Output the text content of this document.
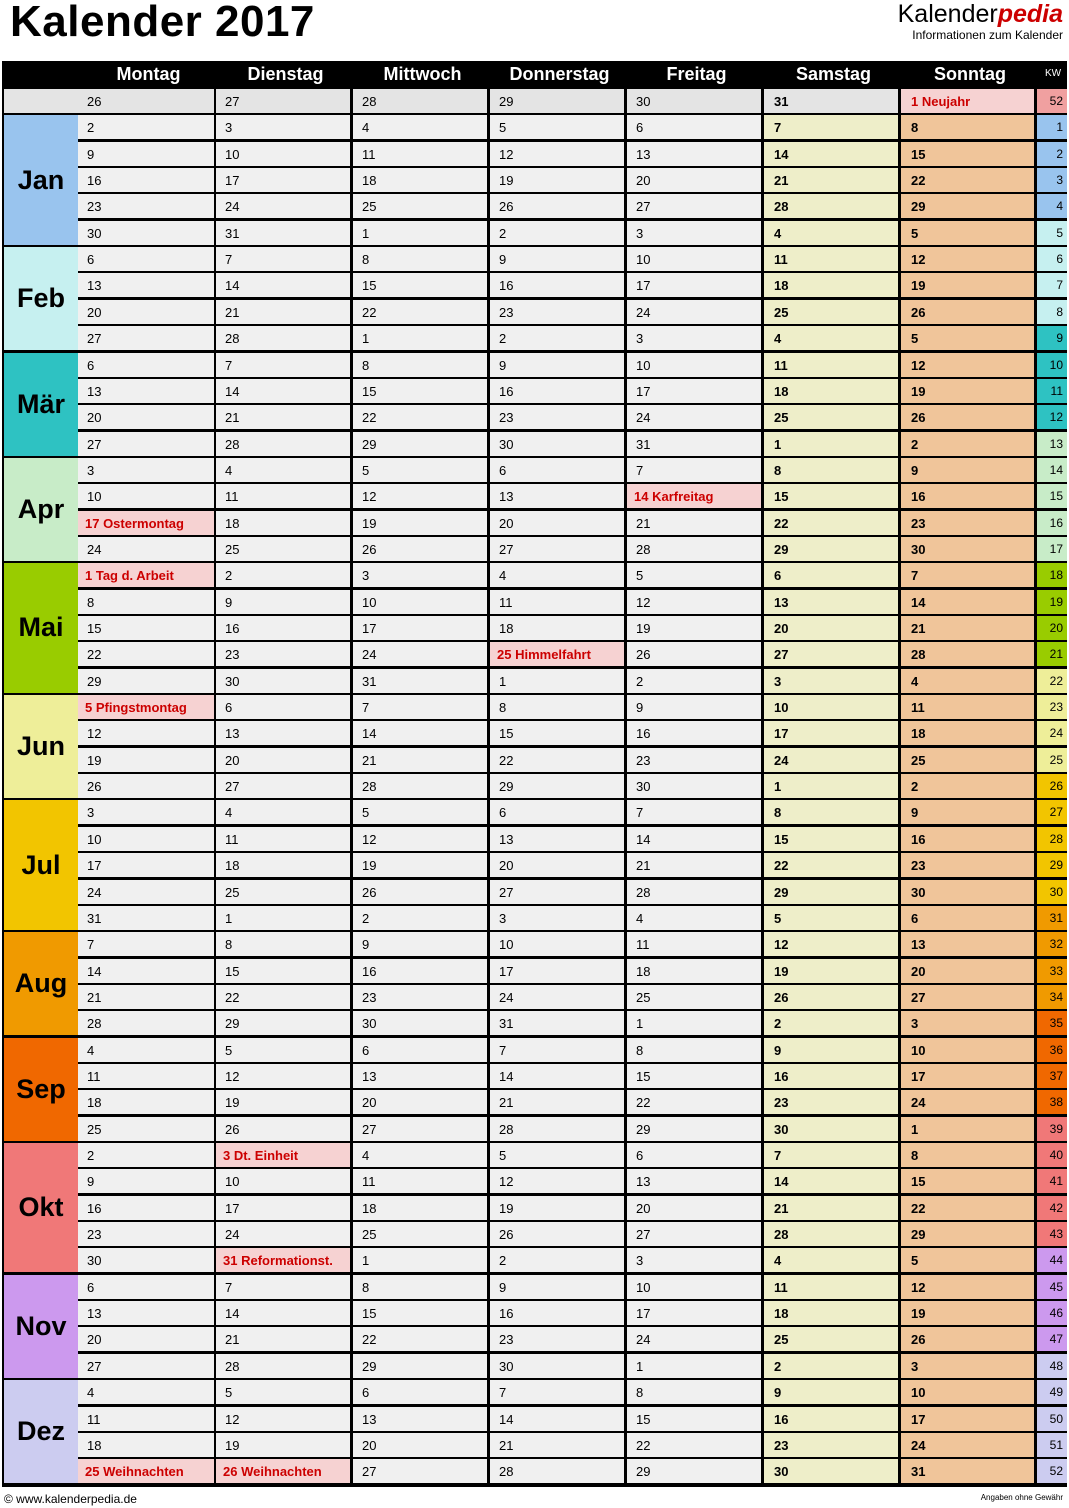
Kalender 2017	Kalenderpedia
Informationen zum Kalender
Montag	Dienstag	Mittwoch	Donnerstag	Freitag	Samstag	Sonntag	KW
26	27	28	29	30	31	1 Neujahr	52
2	3	4	5	6	7	8	1
9	10	11	12	13	14	15	2
16	17	18	19	20	21	22	3
23	24	25	26	27	28	29	4
30	31	1	2	3	4	5	5
6	7	8	9	10	11	12	6
13	14	15	16	17	18	19	7
20	21	22	23	24	25	26	8
27	28	1	2	3	4	5	9
6	7	8	9	10	11	12	10
13	14	15	16	17	18	19	11
20	21	22	23	24	25	26	12
27	28	29	30	31	1	2	13
3	4	5	6	7	8	9	14
10	11	12	13	14 Karfreitag	15	16	15
17 Ostermontag	18	19	20	21	22	23	16
24	25	26	27	28	29	30	17
1 Tag d. Arbeit	2	3	4	5	6	7	18
8	9	10	11	12	13	14	19
15	16	17	18	19	20	21	20
22	23	24	25 Himmelfahrt	26	27	28	21
29	30	31	1	2	3	4	22
5 Pfingstmontag	6	7	8	9	10	11	23
12	13	14	15	16	17	18	24
19	20	21	22	23	24	25	25
26	27	28	29	30	1	2	26
3	4	5	6	7	8	9	27
10	11	12	13	14	15	16	28
17	18	19	20	21	22	23	29
24	25	26	27	28	29	30	30
31	1	2	3	4	5	6	31
7	8	9	10	11	12	13	32
14	15	16	17	18	19	20	33
21	22	23	24	25	26	27	34
28	29	30	31	1	2	3	35
4	5	6	7	8	9	10	36
11	12	13	14	15	16	17	37
18	19	20	21	22	23	24	38
25	26	27	28	29	30	1	39
2	3 Dt. Einheit	4	5	6	7	8	40
9	10	11	12	13	14	15	41
16	17	18	19	20	21	22	42
23	24	25	26	27	28	29	43
30	31 Reformationst.	1	2	3	4	5	44
6	7	8	9	10	11	12	45
13	14	15	16	17	18	19	46
20	21	22	23	24	25	26	47
27	28	29	30	1	2	3	48
4	5	6	7	8	9	10	49
11	12	13	14	15	16	17	50
18	19	20	21	22	23	24	51
25 Weihnachten	26 Weihnachten	27	28	29	30	31	52
Jan
Feb
Mär
Apr
Mai
Jun
Jul
Aug
Sep
Okt
Nov
Dez
© www.kalenderpedia.de	Angaben ohne Gewähr
